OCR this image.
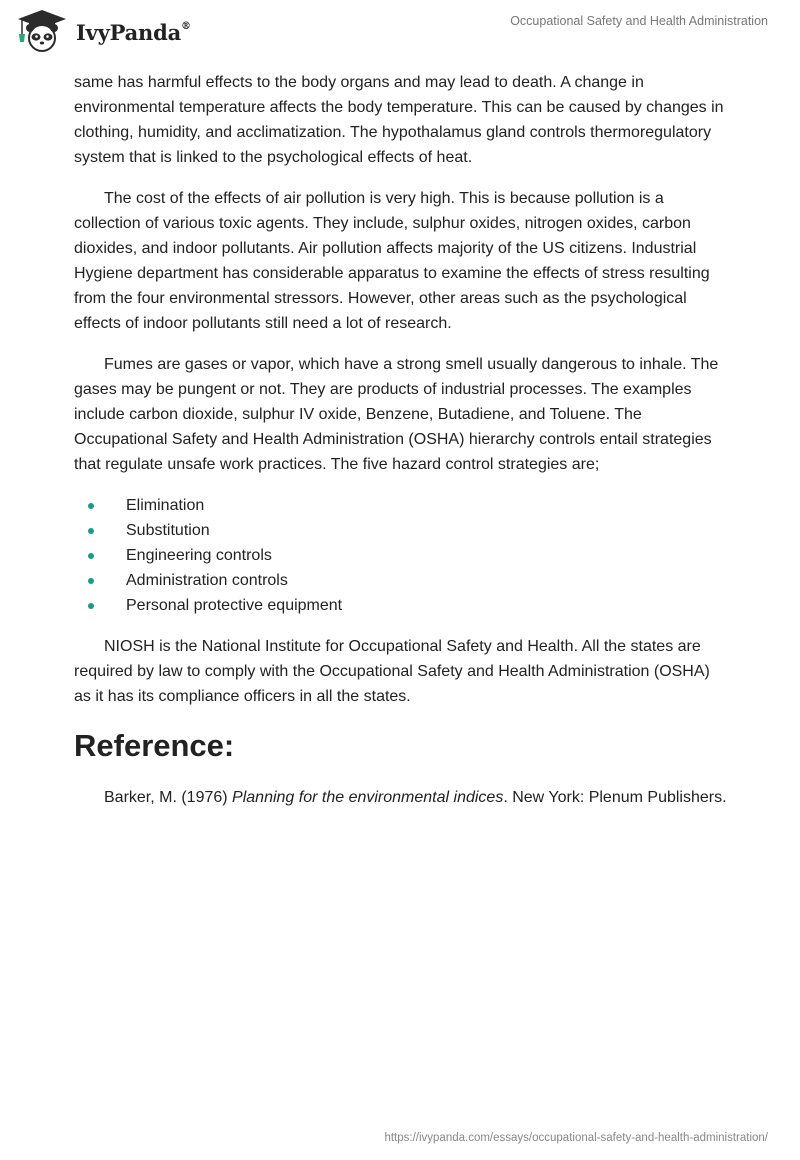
IvyPanda®	Occupational Safety and Health Administration

same has harmful effects to the body organs and may lead to death. A change in environmental temperature affects the body temperature. This can be caused by changes in clothing, humidity, and acclimatization. The hypothalamus gland controls thermoregulatory system that is linked to the psychological effects of heat.

The cost of the effects of air pollution is very high. This is because pollution is a collection of various toxic agents. They include, sulphur oxides, nitrogen oxides, carbon dioxides, and indoor pollutants. Air pollution affects majority of the US citizens. Industrial Hygiene department has considerable apparatus to examine the effects of stress resulting from the four environmental stressors. However, other areas such as the psychological effects of indoor pollutants still need a lot of research.

Fumes are gases or vapor, which have a strong smell usually dangerous to inhale. The gases may be pungent or not. They are products of industrial processes. The examples include carbon dioxide, sulphur IV oxide, Benzene, Butadiene, and Toluene. The Occupational Safety and Health Administration (OSHA) hierarchy controls entail strategies that regulate unsafe work practices. The five hazard control strategies are;

Elimination
Substitution
Engineering controls
Administration controls
Personal protective equipment

NIOSH is the National Institute for Occupational Safety and Health. All the states are required by law to comply with the Occupational Safety and Health Administration (OSHA) as it has its compliance officers in all the states.

Reference:

Barker, M. (1976) Planning for the environmental indices. New York: Plenum Publishers.

https://ivypanda.com/essays/occupational-safety-and-health-administration/
